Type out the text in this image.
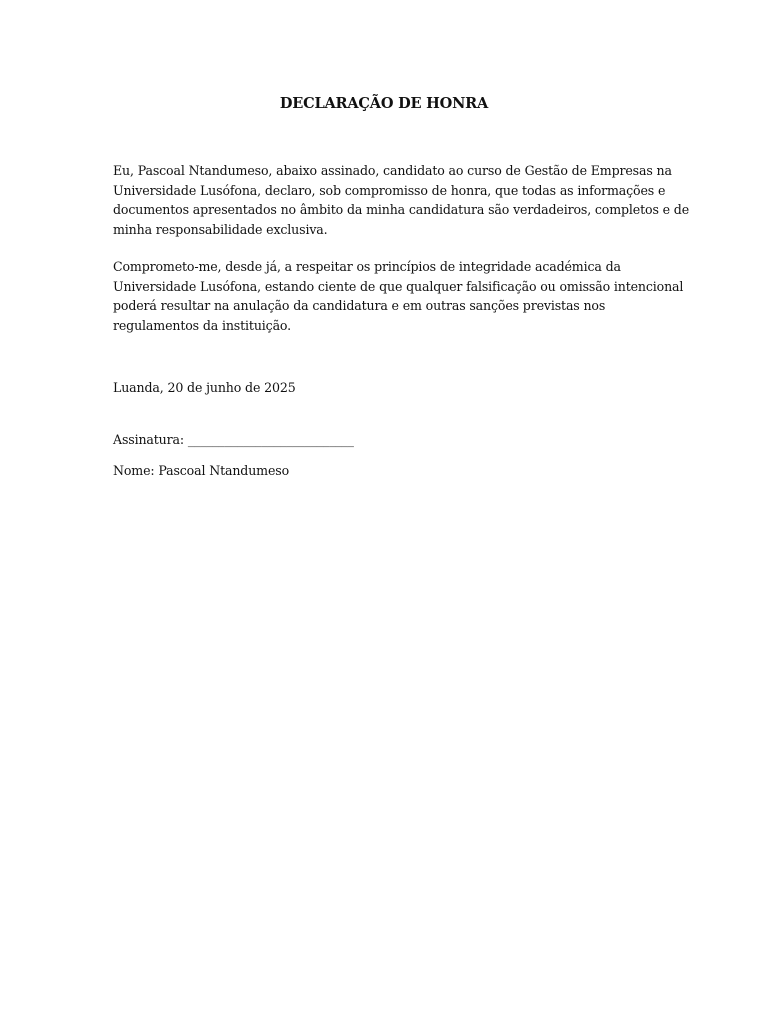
DECLARAÇÃO DE HONRA
Eu, Pascoal Ntandumeso, abaixo assinado, candidato ao curso de Gestão de Empresas na
Universidade Lusófona, declaro, sob compromisso de honra, que todas as informações e
documentos apresentados no âmbito da minha candidatura são verdadeiros, completos e de
minha responsabilidade exclusiva.
Comprometo-me, desde já, a respeitar os princípios de integridade académica da
Universidade Lusófona, estando ciente de que qualquer falsificação ou omissão intencional
poderá resultar na anulação da candidatura e em outras sanções previstas nos
regulamentos da instituição.
Luanda, 20 de junho de 2025
Assinatura: ___________________________
Nome: Pascoal Ntandumeso
